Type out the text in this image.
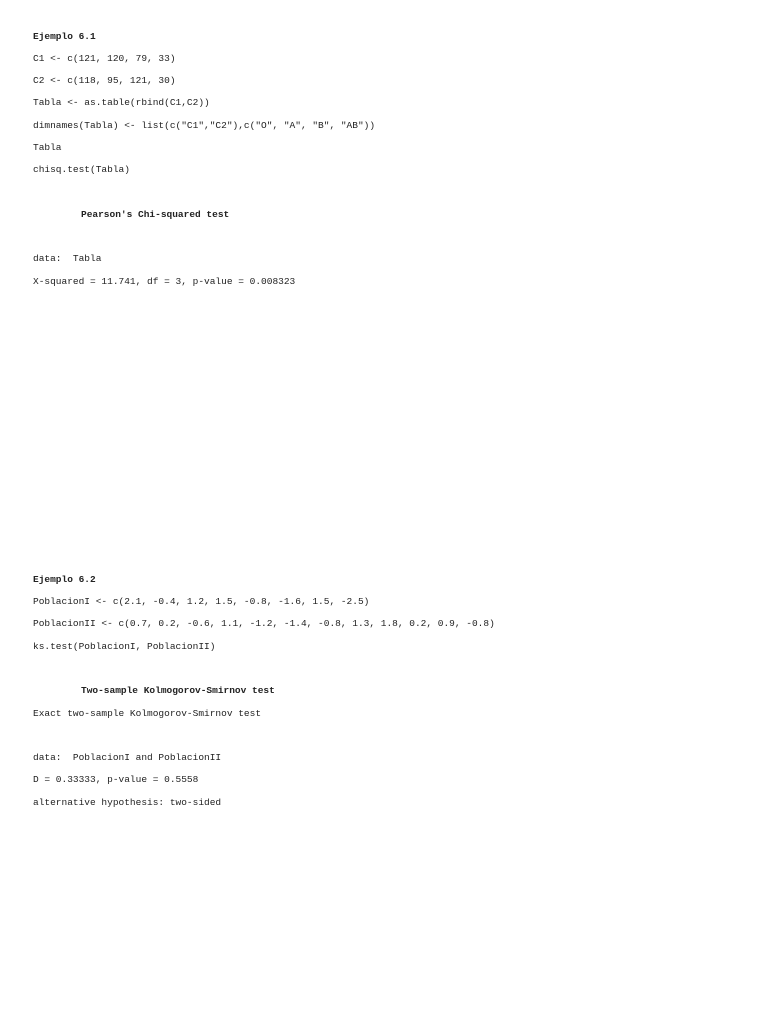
Ejemplo 6.1
C1 <- c(121, 120, 79, 33)
C2 <- c(118, 95, 121, 30)
Tabla <- as.table(rbind(C1,C2))
dimnames(Tabla) <- list(c("C1","C2"),c("O", "A", "B", "AB"))
Tabla
chisq.test(Tabla)
Pearson's Chi-squared test
data:  Tabla
X-squared = 11.741, df = 3, p-value = 0.008323
Ejemplo 6.2
PoblacionI <- c(2.1, -0.4, 1.2, 1.5, -0.8, -1.6, 1.5, -2.5)
PoblacionII <- c(0.7, 0.2, -0.6, 1.1, -1.2, -1.4, -0.8, 1.3, 1.8, 0.2, 0.9, -0.8)
ks.test(PoblacionI, PoblacionII)
Two-sample Kolmogorov-Smirnov test
Exact two-sample Kolmogorov-Smirnov test
data:  PoblacionI and PoblacionII
D = 0.33333, p-value = 0.5558
alternative hypothesis: two-sided
